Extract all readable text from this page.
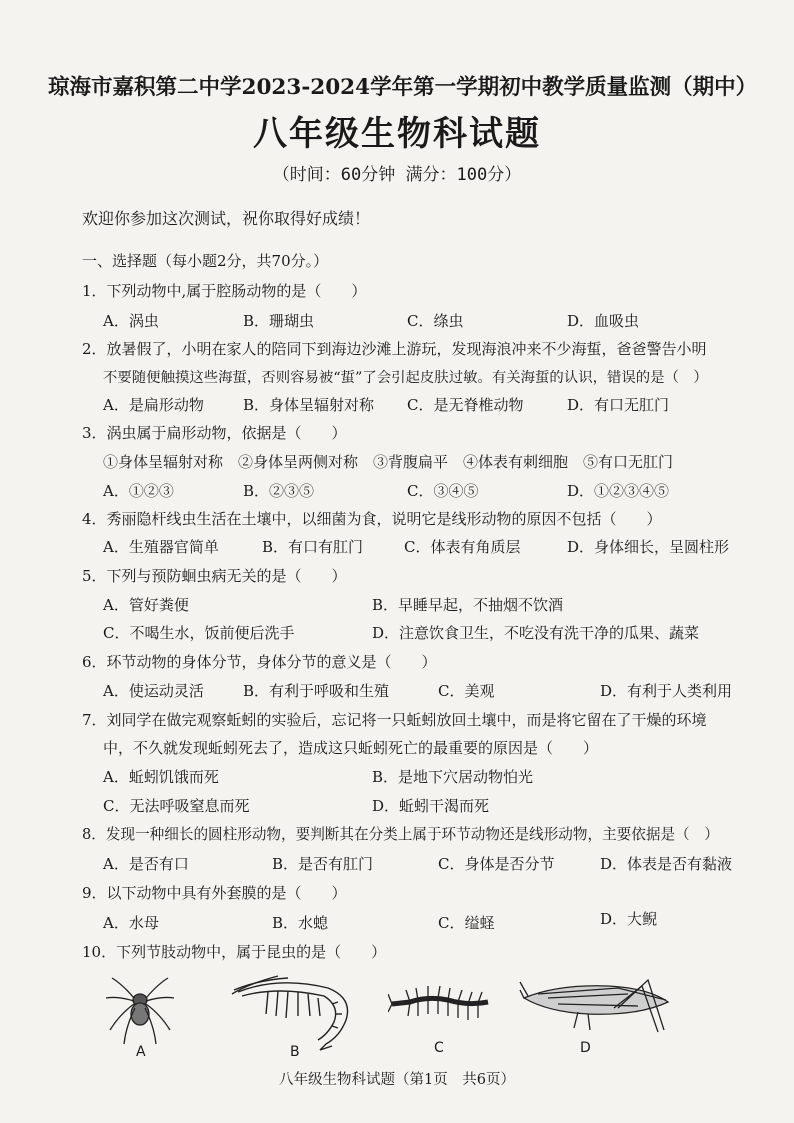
琼海市嘉积第二中学2023-2024学年第一学期初中教学质量监测（期中）
八年级生物科试题
（时间：60分钟 满分：100分）
欢迎你参加这次测试，祝你取得好成绩！
一、选择题（每小题2分，共70分。）
1．下列动物中,属于腔肠动物的是（　　）
A．涡虫	B．珊瑚虫	C．绦虫	D．血吸虫
2．放暑假了，小明在家人的陪同下到海边沙滩上游玩，发现海浪冲来不少海蜇，爸爸警告小明
不要随便触摸这些海蜇，否则容易被“蜇”了会引起皮肤过敏。有关海蜇的认识，错误的是（　）
A．是扁形动物	B．身体呈辐射对称 C．是无脊椎动物	D．有口无肛门
3．涡虫属于扁形动物，依据是（　　）
①身体呈辐射对称　②身体呈两侧对称　③背腹扁平　④体表有刺细胞　⑤有口无肛门
A．①②③	B．②③⑤	C．③④⑤	D．①②③④⑤
4．秀丽隐杆线虫生活在土壤中，以细菌为食，说明它是线形动物的原因不包括（　　）
A．生殖器官简单	B．有口有肛门	C．体表有角质层	D．身体细长，呈圆柱形
5．下列与预防蛔虫病无关的是（　　）
A．管好粪便	B．早睡早起，不抽烟不饮酒
C．不喝生水，饭前便后洗手	D．注意饮食卫生，不吃没有洗干净的瓜果、蔬菜
6．环节动物的身体分节，身体分节的意义是（　　）
A．使运动灵活	B．有利于呼吸和生殖	C．美观	D．有利于人类利用
7．刘同学在做完观察蚯蚓的实验后，忘记将一只蚯蚓放回土壤中，而是将它留在了干燥的环境
中，不久就发现蚯蚓死去了，造成这只蚯蚓死亡的最重要的原因是（　　）
A．蚯蚓饥饿而死	B．是地下穴居动物怕光
C．无法呼吸窒息而死	D．蚯蚓干渴而死
8．发现一种细长的圆柱形动物，要判断其在分类上属于环节动物还是线形动物，主要依据是（　）
A．是否有口	B．是否有肛门	C．身体是否分节	D．体表是否有黏液
9．以下动物中具有外套膜的是（　　）
A．水母	B．水螅	C．缢蛏	D．大鲵
10．下列节肢动物中，属于昆虫的是（　　）
A	B	C	D
八年级生物科试题（第1页　共6页）
